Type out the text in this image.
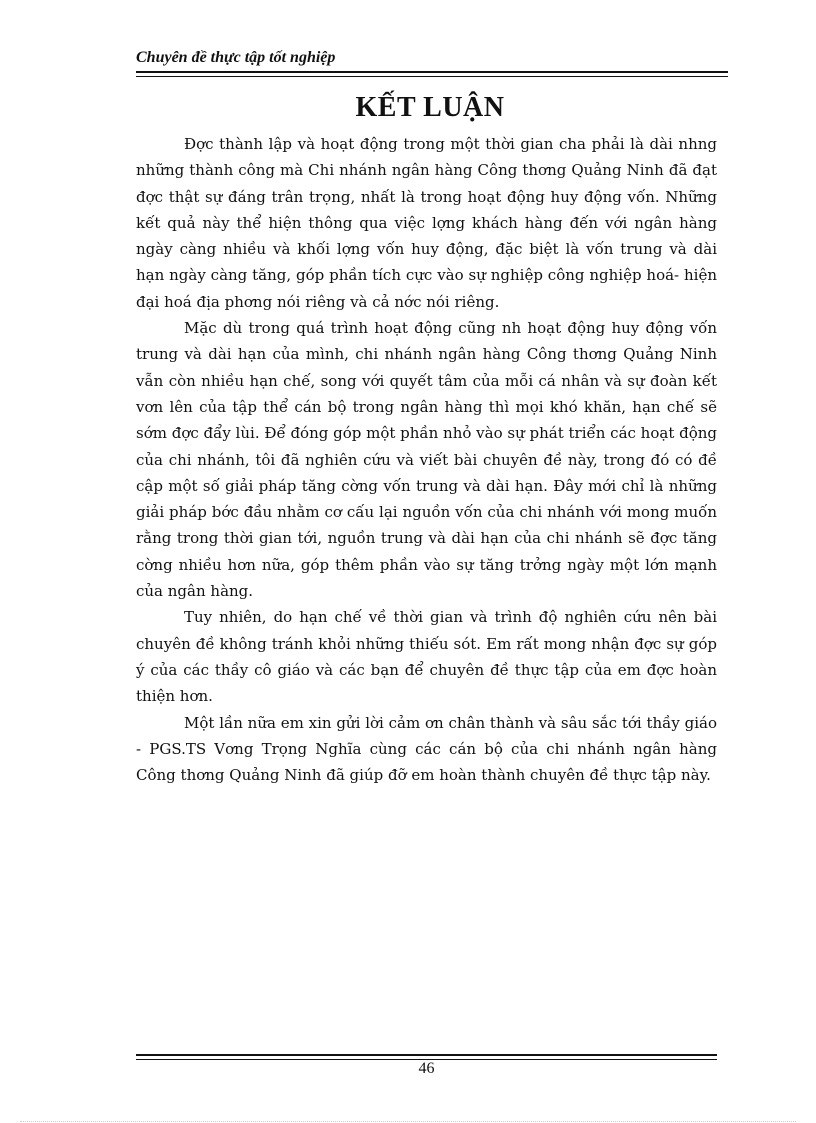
Chuyên đề thực tập tốt nghiệp
KẾT LUẬN

Đợc thành lập và hoạt động trong một thời gian cha phải là dài nhng những thành công mà Chi nhánh ngân hàng Công thơng Quảng Ninh đã đạt đợc thật sự đáng trân trọng, nhất là trong hoạt động huy động vốn. Những kết quả này thể hiện thông qua việc lợng khách hàng đến với ngân hàng ngày càng nhiều và khối lợng vốn huy động, đặc biệt là vốn trung và dài hạn ngày càng tăng, góp phần tích cực vào sự nghiệp công nghiệp hoá- hiện đại hoá địa phơng nói riêng và cả nớc nói riêng.

Mặc dù trong quá trình hoạt động cũng nh hoạt động huy động vốn trung và dài hạn của mình, chi nhánh ngân hàng Công thơng Quảng Ninh vẫn còn nhiều hạn chế, song với quyết tâm của mỗi cá nhân và sự đoàn kết vơn lên của tập thể cán bộ trong ngân hàng thì mọi khó khăn, hạn chế sẽ sớm đợc đẩy lùi. Để đóng góp một phần nhỏ vào sự phát triển các hoạt động của chi nhánh, tôi đã nghiên cứu và viết bài chuyên đề này, trong đó có đề cập một số giải pháp tăng cờng vốn trung và dài hạn. Đây mới chỉ là những giải pháp bớc đầu nhằm cơ cấu lại nguồn vốn của chi nhánh với mong muốn rằng trong thời gian tới, nguồn trung và dài hạn của chi nhánh sẽ đợc tăng cờng nhiều hơn nữa, góp thêm phần vào sự tăng trởng ngày một lớn mạnh của ngân hàng.

Tuy nhiên, do hạn chế về thời gian và trình độ nghiên cứu nên bài chuyên đề không tránh khỏi những thiếu sót. Em rất mong nhận đợc sự góp ý của các thầy cô giáo và các bạn để chuyên đề thực tập của em đợc hoàn thiện hơn.

Một lần nữa em xin gửi lời cảm ơn chân thành và sâu sắc tới thầy giáo - PGS.TS Vơng Trọng Nghĩa cùng các cán bộ của chi nhánh ngân hàng Công thơng Quảng Ninh đã giúp đỡ em hoàn thành chuyên đề thực tập này.

46
